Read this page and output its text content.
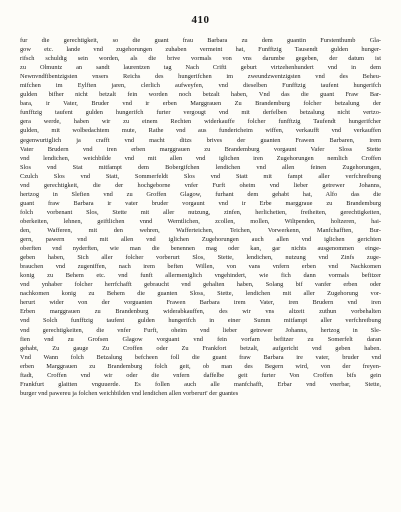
410
fur die gerechtigkeit, so die guant frau Barbara zu dem guantin Furstenthumb Gla-
gow etc. lande vnd zugehorungen zuhaben vermeint hat, Funfftzig Tausendt gulden hunger-
rifsch schuldig sein worden, als die brive vormals von vns darumbe gegeben, der datum ist
zu Olmuntz an sandt laurentzen tag Nach Crifti geburt virtzehenhundert vnd in dem
Newnvndfibentzigsten vnsers Reichs des hungerifchen im zweundzwentzigsten vnd des Beheu-
mifchen im Eylften jaren, clerlich aufweyfen, vnd dieselben Funfftzig taufent hungerifch
gulden bifher nicht betzalt fein worden noch betzalt haben, Vnd das die guant Fraw Bar-
bara, ir Vater, Bruder vnd ir erben Marggrauen Zu Brandemburg folcher betzalung der
funfftzig taufent gulden hungerifch furter vergougt vnd mit derfelben betzalung nicht vertzo-
gera werde, haben wir zu einem Rechten widerkauffe folcher funfftzig Taufendt hungerifcher
gulden, mit wolbedachtem mute, Rathe vnd aus fundericheim wiffen, verkaufft vnd verkauffen
gegenwurtiglich ja crafft vnd macht ditzs brives der guanten Frawen Barbaren, irem
Vater Brudern vnd iren erben marggrauen zu Brandemburg vorgaunt Vafer Sloss Stette
vnd lendichen, weichbilde vnd mit allen vnd iglichen iren Zugehorungen nemlich Croffen
Slos vnd Stat mitfampt dem Bobergifchen lendichen vnd allen feinen Zugehorungen,
Czulch Slos vnd Statt, Sommerfeldt Slos vnd Statt mit fampt aller verfchreibung
vnd gerechtigkeit, die der hochgeborne vnfer Furft oheim vnd lieber getrewer Johanns,
hertzog in Slefien vnd zu Groffen Glagow, furhant dem gehabt hat, Alfo das die
guant fraw Barbara ir vater bruder vorgaunt vnd ir Erbe marggraue zu Brandemburg
folch vorbenant Slos, Stette mit aller nutzung, zinfen, herlichetien, freiheiten, gerechtigkeiten,
oberkeiten, lehnen, geiftlichen vnnd Werntlichen, zcollen, mollen, Wiltpenden, holtzeren, hai-
den, Wafferen, mit den wehren, Wafferteichen, Teichen, Vorwerkenn, Manfchafften, Bur-
gern, pawern vnd mit allen vnd iglichen Zugehorungen auch allen vnd iglichen gerichten
oberften vnd nyderften, wie man die benennen mag oder kan, gar nichts ausgenommen einge-
geben haben, Sich aller folcher vorberurt Slos, Stette, lendichen, nutzung vnd Zinfs zuge-
brauchen vnd zugeniffen, nach irem beften Willen, von vans vnfern erben vnd Nachkomen
konig zu Behem etc. vnd funft allermeniglich vngehindert, wie fich dann vormals befitzer
vnd ynhaber folcher herrfchafft gebraucht vnd gehalten haben, Solang bif vanfer erben oder
nachkomen konig zu Behem die guanten Sloss, Stette, lendichen mit aller Zugehorung vor-
herurt wider von der vorguanten Frawen Barbara irem Vater, iren Brudern vnd iren
Erben marggrauen zu Brandenburg widerabkauffen, des wir vns altzeit zuthun vorbehalten
vnd Solch funfftzig taufent gulden hungerifch in einer Summ mitfampt aller verfchreibung
vnd gerechtigkeiten, die vnfer Furft, oheim vnd lieber getrewer Johanns, hertzog in Sle-
fien vnd zu Grofsen Glagow vorguant vnd fein vorfarn befitzer zu Somerfelt daran
gehabt, Zu gauge Zu Croffen oder Zu Frankfort betzalt, aufgericht vnd geben haben.
Vnd Wann folch Betzalung befcheen foll die guant fraw Barbara ire vater, bruder vnd
erben Marggrauen zu Brandemburg folch geit, ob man des Begern wird, von der freyen-
ftadt, Croffen vnd wir oder die vnfern daffelbe geit furter Von Croffen bifs gein
Frankfurt glaitten vnguuerde. Es follen auch alle manfchafft, Erbar vnd vnerbar, Stette,
burger vnd pawereu ja folchen weichbilden vnd lendichen allen vorberurt' der guantes
